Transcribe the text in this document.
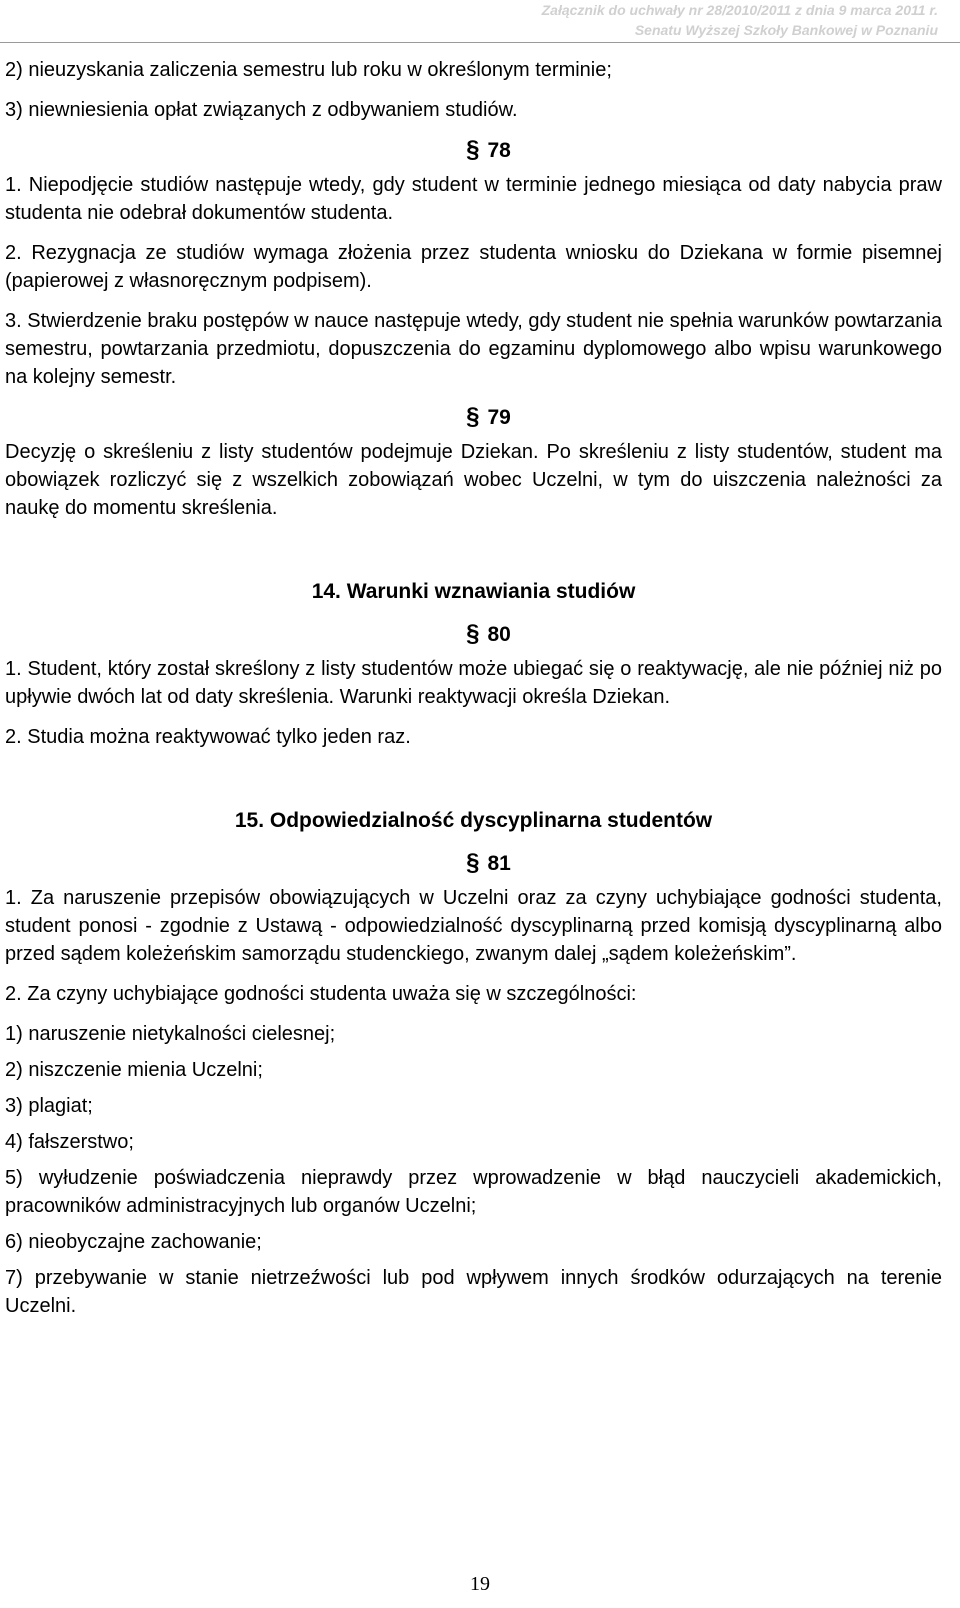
Załącznik do uchwały nr 28/2010/2011 z dnia 9 marca 2011 r.
Senatu Wyższej Szkoły Bankowej w Poznaniu

2) nieuzyskania zaliczenia semestru lub roku w określonym terminie;

3) niewniesienia opłat związanych z odbywaniem studiów.

§ 78

1. Niepodjęcie studiów następuje wtedy, gdy student w terminie jednego miesiąca od daty nabycia praw studenta nie odebrał dokumentów studenta.

2. Rezygnacja ze studiów wymaga złożenia przez studenta wniosku do Dziekana w formie pisemnej (papierowej z własnoręcznym podpisem).

3. Stwierdzenie braku postępów w nauce następuje wtedy, gdy student nie spełnia warunków powtarzania semestru, powtarzania przedmiotu, dopuszczenia do egzaminu dyplomowego albo wpisu warunkowego na kolejny semestr.

§ 79

Decyzję o skreśleniu z listy studentów podejmuje Dziekan. Po skreśleniu z listy studentów, student ma obowiązek rozliczyć się z wszelkich zobowiązań wobec Uczelni, w tym do uiszczenia należności za naukę do momentu skreślenia.

14. Warunki wznawiania studiów
§ 80

1. Student, który został skreślony z listy studentów może ubiegać się o reaktywację, ale nie później niż po upływie dwóch lat od daty skreślenia. Warunki reaktywacji określa Dziekan.

2. Studia można reaktywować tylko jeden raz.

15. Odpowiedzialność dyscyplinarna studentów
§ 81

1. Za naruszenie przepisów obowiązujących w Uczelni oraz za czyny uchybiające godności studenta, student ponosi - zgodnie z Ustawą - odpowiedzialność dyscyplinarną przed komisją dyscyplinarną albo przed sądem koleżeńskim samorządu studenckiego, zwanym dalej „sądem koleżeńskim”.

2. Za czyny uchybiające godności studenta uważa się w szczególności:

1) naruszenie nietykalności cielesnej;

2) niszczenie mienia Uczelni;

3) plagiat;

4) fałszerstwo;

5) wyłudzenie poświadczenia nieprawdy przez wprowadzenie w błąd nauczycieli akademickich, pracowników administracyjnych lub organów Uczelni;

6) nieobyczajne zachowanie;

7) przebywanie w stanie nietrzeźwości lub pod wpływem innych środków odurzających na terenie Uczelni.

19
